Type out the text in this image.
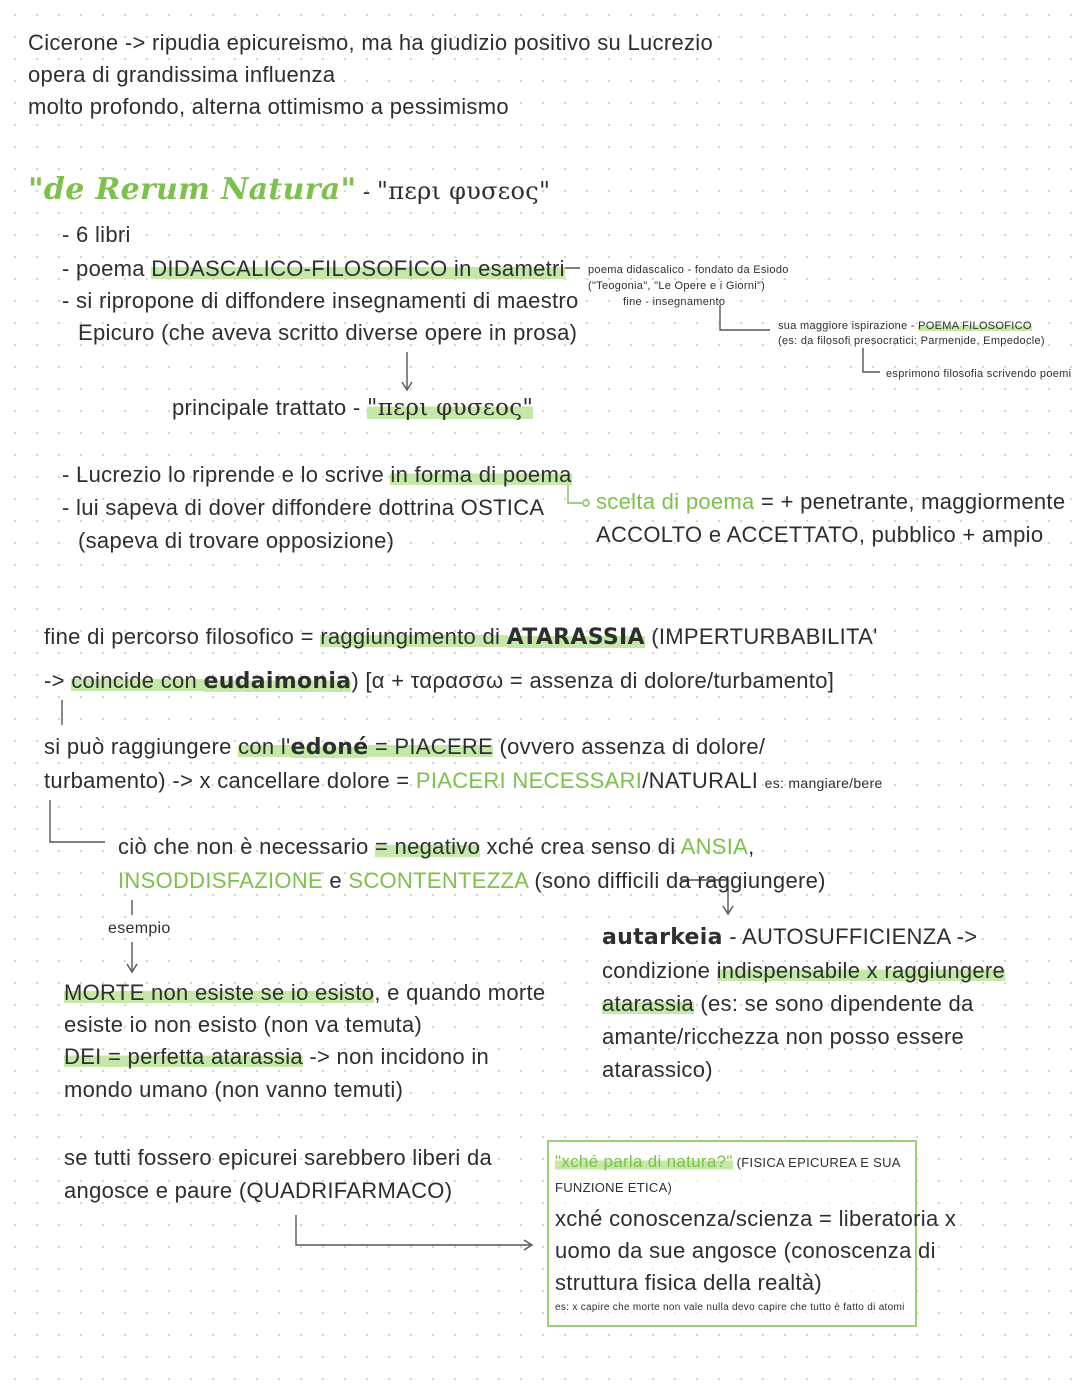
Cicerone -> ripudia epicureismo, ma ha giudizio positivo su Lucrezio
opera di grandissima influenza
molto profondo, alterna ottimismo a pessimismo
"de Rerum Natura" - "περι φυσεος"
- 6 libri
- poema DIDASCALICO-FILOSOFICO in esametri
- si ripropone di diffondere insegnamenti di maestro
Epicuro (che aveva scritto diverse opere in prosa)
poema didascalico - fondato da Esiodo
("Teogonia", "Le Opere e i Giorni")
fine - insegnamento
sua maggiore ispirazione - POEMA FILOSOFICO
(es: da filosofi presocratici: Parmenide, Empedocle)
esprimono filosofia scrivendo poemi
principale trattato - "περι φυσεος"
- Lucrezio lo riprende e lo scrive in forma di poema
- lui sapeva di dover diffondere dottrina OSTICA
(sapeva di trovare opposizione)
scelta di poema = + penetrante, maggiormente
ACCOLTO e ACCETTATO, pubblico + ampio
fine di percorso filosofico = raggiungimento di ATARASSIA (IMPERTURBABILITA'
-> coincide con eudaimonia) [α + ταρασσω = assenza di dolore/turbamento]
si può raggiungere con l'edoné = PIACERE (ovvero assenza di dolore/
turbamento) -> x cancellare dolore = PIACERI NECESSARI/NATURALI es: mangiare/bere
ciò che non è necessario = negativo xché crea senso di ANSIA,
INSODDISFAZIONE e SCONTENTEZZA (sono difficili da raggiungere)
esempio
MORTE non esiste se io esisto, e quando morte
esiste io non esisto (non va temuta)
DEI = perfetta atarassia -> non incidono in
mondo umano (non vanno temuti)
autarkeia - AUTOSUFFICIENZA ->
condizione indispensabile x raggiungere
atarassia (es: se sono dipendente da
amante/ricchezza non posso essere
atarassico)
se tutti fossero epicurei sarebbero liberi da
angosce e paure (QUADRIFARMACO)
"xché parla di natura?" (FISICA EPICUREA E SUA
FUNZIONE ETICA)
xché conoscenza/scienza = liberatoria x
uomo da sue angosce (conoscenza di
struttura fisica della realtà)
es: x capire che morte non vale nulla devo capire che tutto è fatto di atomi
